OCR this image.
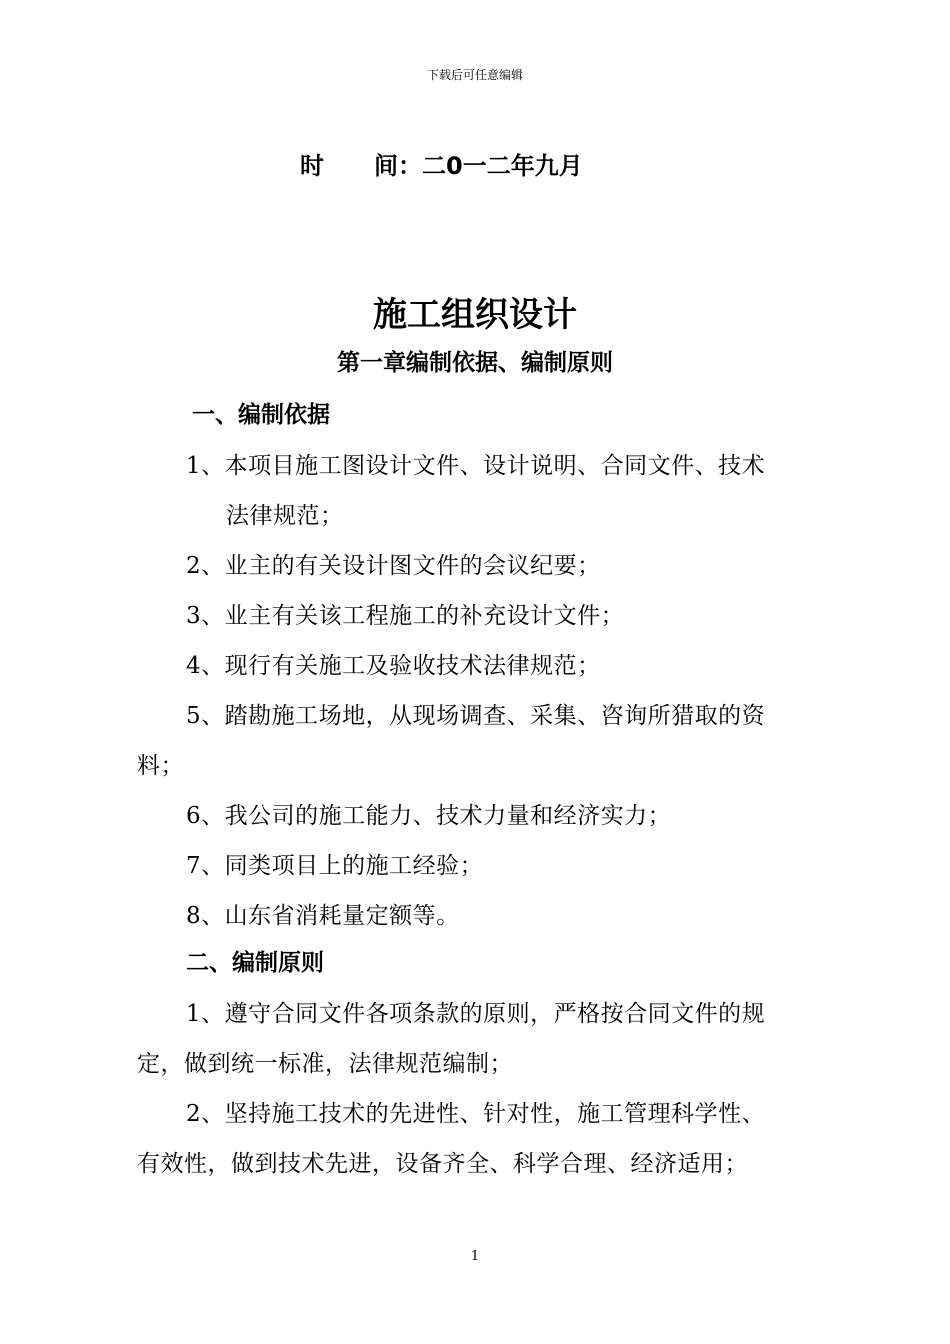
下载后可任意编辑
时 间：二0一二年九月
施工组织设计
第一章编制依据、编制原则
一、编制依据
1、本项目施工图设计文件、设计说明、合同文件、技术
法律规范；
2、业主的有关设计图文件的会议纪要；
3、业主有关该工程施工的补充设计文件；
4、现行有关施工及验收技术法律规范；
5、踏勘施工场地，从现场调查、采集、咨询所猎取的资
料；
6、我公司的施工能力、技术力量和经济实力；
7、同类项目上的施工经验；
8、山东省消耗量定额等。
二、编制原则
1、遵守合同文件各项条款的原则，严格按合同文件的规
定，做到统一标准，法律规范编制；
2、坚持施工技术的先进性、针对性，施工管理科学性、
有效性，做到技术先进，设备齐全、科学合理、经济适用；
1
